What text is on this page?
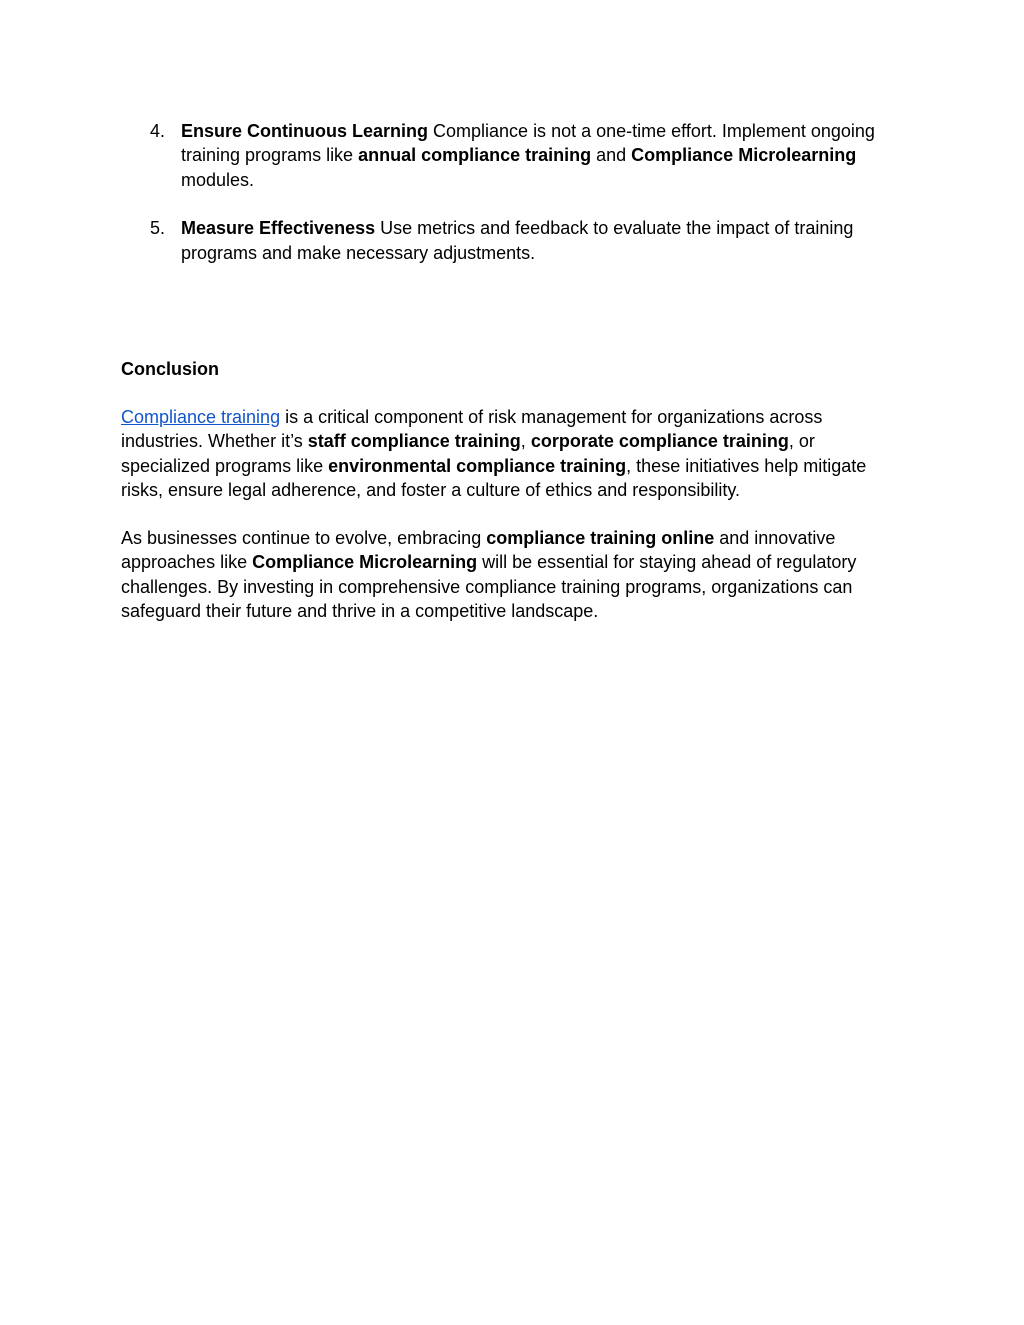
4. Ensure Continuous Learning Compliance is not a one-time effort. Implement ongoing training programs like annual compliance training and Compliance Microlearning modules.
5. Measure Effectiveness Use metrics and feedback to evaluate the impact of training programs and make necessary adjustments.
Conclusion

Compliance training is a critical component of risk management for organizations across industries. Whether it’s staff compliance training, corporate compliance training, or specialized programs like environmental compliance training, these initiatives help mitigate risks, ensure legal adherence, and foster a culture of ethics and responsibility.

As businesses continue to evolve, embracing compliance training online and innovative approaches like Compliance Microlearning will be essential for staying ahead of regulatory challenges. By investing in comprehensive compliance training programs, organizations can safeguard their future and thrive in a competitive landscape.
